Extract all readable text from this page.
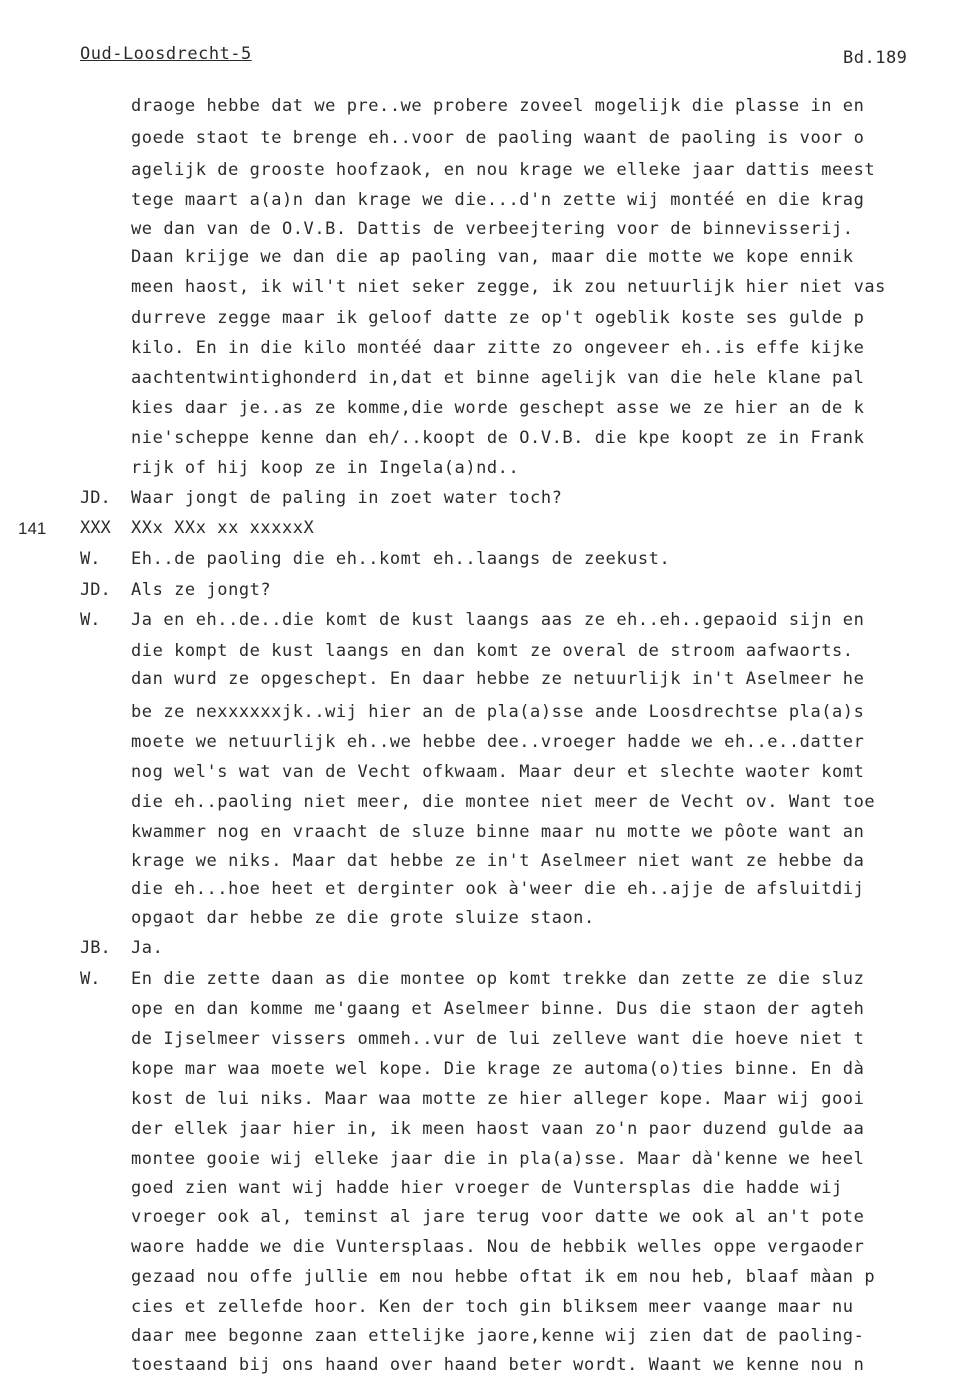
Oud-Loosdrecht-5	Bd.189
141
JD.
XXX
W.
JD.
W.
JB.
W.
draoge hebbe dat we pre..we probere zoveel mogelijk die plasse in en
goede staot te brenge eh..voor de paoling waant de paoling is voor o
agelijk de grooste hoofzaok, en nou krage we elleke jaar dattis meest
tege maart a(a)n dan krage we die...d'n zette wij montéé en die krag
we dan van de O.V.B. Dattis de verbeejtering voor de binnevisserij.
Daan krijge we dan die ap paoling van, maar die motte we kope ennik
meen haost, ik wil't niet seker zegge, ik zou netuurlijk hier niet vas
durreve zegge maar ik geloof datte ze op't ogeblik koste ses gulde p
kilo. En in die kilo montéé daar zitte zo ongeveer eh..is effe kijke
aachtentwintighonderd in,dat et binne agelijk van die hele klane pal
kies daar je..as ze komme,die worde geschept asse we ze hier an de k
nie'scheppe kenne dan eh/..koopt de O.V.B. die kpe koopt ze in Frank
rijk of hij koop ze in Ingela(a)nd..
Waar jongt de paling in zoet water toch?
XXx XXx xx xxxxxX
Eh..de paoling die eh..komt eh..laangs de zeekust.
Als ze jongt?
Ja en eh..de..die komt de kust laangs aas ze eh..eh..gepaoid sijn en
die kompt de kust laangs en dan komt ze overal de stroom aafwaorts.
dan wurd ze opgeschept. En daar hebbe ze netuurlijk in't Aselmeer he
be ze nexxxxxxjk..wij hier an de pla(a)sse ande Loosdrechtse pla(a)s
moete we netuurlijk eh..we hebbe dee..vroeger hadde we eh..e..datter
nog wel's wat van de Vecht ofkwaam. Maar deur et slechte waoter komt
die eh..paoling niet meer, die montee niet meer de Vecht ov. Want toe
kwammer nog en vraacht de sluze binne maar nu motte we pôote want an
krage we niks. Maar dat hebbe ze in't Aselmeer niet want ze hebbe da
die eh...hoe heet et derginter ook à'weer die eh..ajje de afsluitdij
opgaot dar hebbe ze die grote sluize staon.
Ja.
En die zette daan as die montee op komt trekke dan zette ze die sluz
ope en dan komme me'gaang et Aselmeer binne. Dus die staon der agteh
de Ijselmeer vissers ommeh..vur de lui zelleve want die hoeve niet t
kope mar waa moete wel kope. Die krage ze automa(o)ties binne. En dà
kost de lui niks. Maar waa motte ze hier alleger kope. Maar wij gooi
der ellek jaar hier in, ik meen haost vaan zo'n paor duzend gulde aa
montee gooie wij elleke jaar die in pla(a)sse. Maar dà'kenne we heel
goed zien want wij hadde hier vroeger de Vuntersplas die hadde wij
vroeger ook al, teminst al jare terug voor datte we ook al an't pote
waore hadde we die Vuntersplaas. Nou de hebbik welles oppe vergaoder
gezaad nou offe jullie em nou hebbe oftat ik em nou heb, blaaf màan p
cies et zellefde hoor. Ken der toch gin bliksem meer vaange maar nu
daar mee begonne zaan ettelijke jaore,kenne wij zien dat de paoling-
toestaand bij ons haand over haand beter wordt. Waant we kenne nou n
